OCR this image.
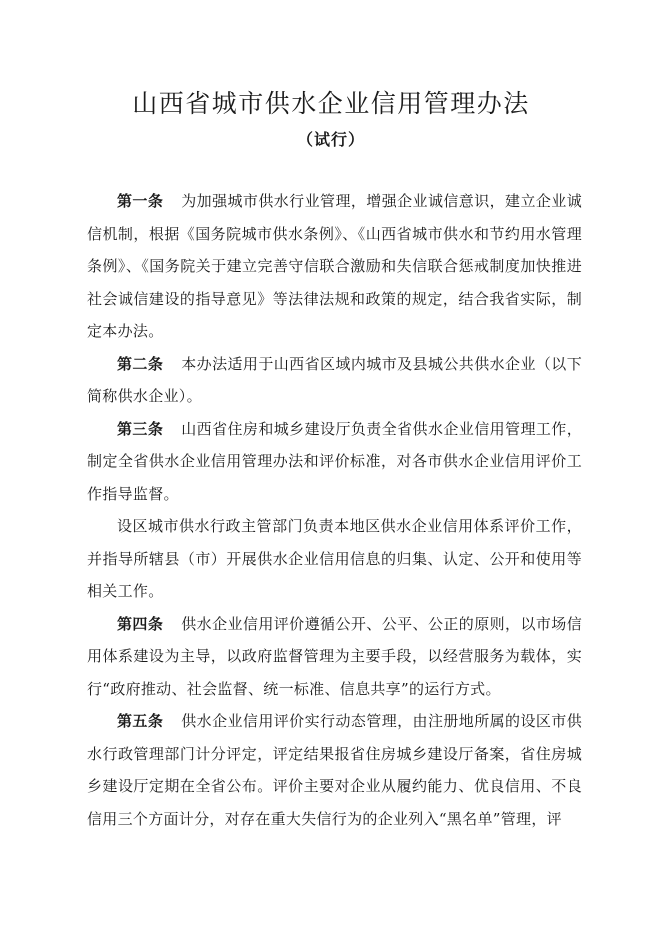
山西省城市供水企业信用管理办法
（试行）

第一条 为加强城市供水行业管理，增强企业诚信意识，建立企业诚信机制，根据《国务院城市供水条例》、《山西省城市供水和节约用水管理条例》、《国务院关于建立完善守信联合激励和失信联合惩戒制度加快推进社会诚信建设的指导意见》等法律法规和政策的规定，结合我省实际，制定本办法。

第二条 本办法适用于山西省区域内城市及县城公共供水企业（以下简称供水企业）。

第三条 山西省住房和城乡建设厅负责全省供水企业信用管理工作，制定全省供水企业信用管理办法和评价标准，对各市供水企业信用评价工作指导监督。

设区城市供水行政主管部门负责本地区供水企业信用体系评价工作，并指导所辖县（市）开展供水企业信用信息的归集、认定、公开和使用等相关工作。

第四条 供水企业信用评价遵循公开、公平、公正的原则，以市场信用体系建设为主导，以政府监督管理为主要手段，以经营服务为载体，实行“政府推动、社会监督、统一标准、信息共享”的运行方式。

第五条 供水企业信用评价实行动态管理，由注册地所属的设区市供水行政管理部门计分评定，评定结果报省住房城乡建设厅备案，省住房城乡建设厅定期在全省公布。评价主要对企业从履约能力、优良信用、不良信用三个方面计分，对存在重大失信行为的企业列入“黑名单”管理，评
